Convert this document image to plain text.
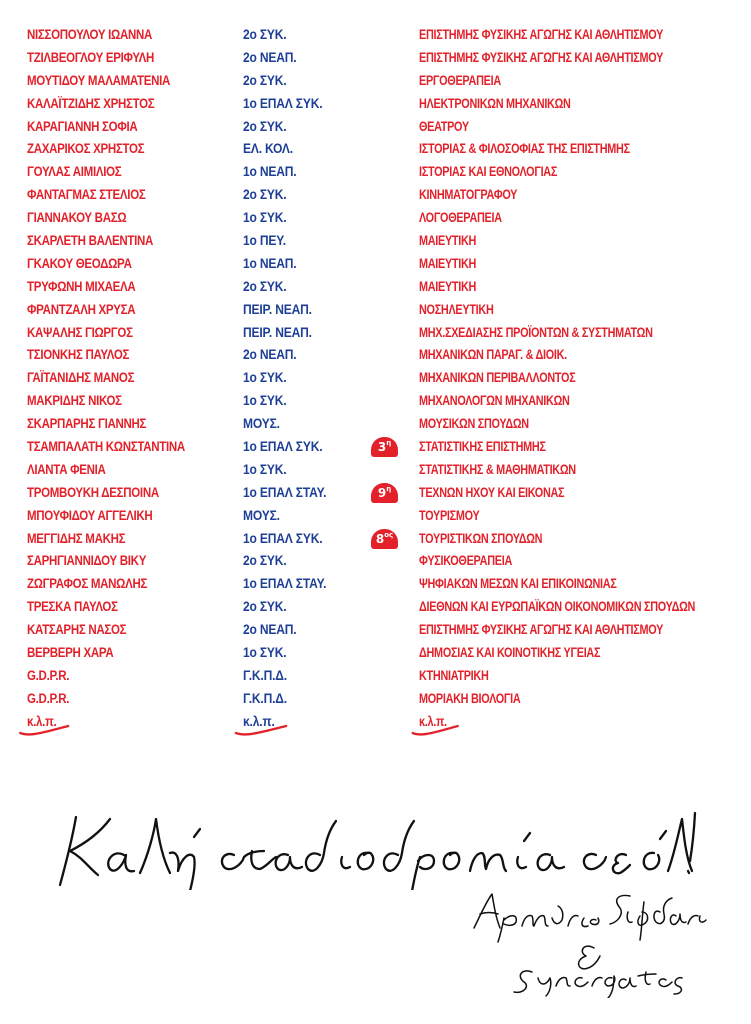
ΝΙΣΣΟΠΟΥΛΟΥ ΙΩΑΝΝΑ	2ο ΣΥΚ.	ΕΠΙΣΤΗΜΗΣ ΦΥΣΙΚΗΣ ΑΓΩΓΗΣ ΚΑΙ ΑΘΛΗΤΙΣΜΟΥ
ΤΖΙΛΒΕΟΓΛΟΥ ΕΡΙΦΥΛΗ	2ο ΝΕΑΠ.	ΕΠΙΣΤΗΜΗΣ ΦΥΣΙΚΗΣ ΑΓΩΓΗΣ ΚΑΙ ΑΘΛΗΤΙΣΜΟΥ
ΜΟΥΤΙΔΟΥ ΜΑΛΑΜΑΤΕΝΙΑ	2ο ΣΥΚ.	ΕΡΓΟΘΕΡΑΠΕΙΑ
ΚΑΛΑΪΤΖΙΔΗΣ ΧΡΗΣΤΟΣ	1ο ΕΠΑΛ ΣΥΚ.	ΗΛΕΚΤΡΟΝΙΚΩΝ ΜΗΧΑΝΙΚΩΝ
ΚΑΡΑΓΙΑΝΝΗ ΣΟΦΙΑ	2ο ΣΥΚ.	ΘΕΑΤΡΟΥ
ΖΑΧΑΡΙΚΟΣ ΧΡΗΣΤΟΣ	ΕΛ. ΚΟΛ.	ΙΣΤΟΡΙΑΣ & ΦΙΛΟΣΟΦΙΑΣ ΤΗΣ ΕΠΙΣΤΗΜΗΣ
ΓΟΥΛΑΣ ΑΙΜΙΛΙΟΣ	1ο ΝΕΑΠ.	ΙΣΤΟΡΙΑΣ ΚΑΙ ΕΘΝΟΛΟΓΙΑΣ
ΦΑΝΤΑΓΜΑΣ ΣΤΕΛΙΟΣ	2ο ΣΥΚ.	ΚΙΝΗΜΑΤΟΓΡΑΦΟΥ
ΓΙΑΝΝΑΚΟΥ ΒΑΣΩ	1ο ΣΥΚ.	ΛΟΓΟΘΕΡΑΠΕΙΑ
ΣΚΑΡΛΕΤΗ ΒΑΛΕΝΤΙΝΑ	1ο ΠΕΥ.	ΜΑΙΕΥΤΙΚΗ
ΓΚΑΚΟΥ ΘΕΟΔΩΡΑ	1ο ΝΕΑΠ.	ΜΑΙΕΥΤΙΚΗ
ΤΡΥΦΩΝΗ ΜΙΧΑΕΛΑ	2ο ΣΥΚ.	ΜΑΙΕΥΤΙΚΗ
ΦΡΑΝΤΖΑΛΗ ΧΡΥΣΑ	ΠΕΙΡ. ΝΕΑΠ.	ΝΟΣΗΛΕΥΤΙΚΗ
ΚΑΨΑΛΗΣ ΓΙΩΡΓΟΣ	ΠΕΙΡ. ΝΕΑΠ.	ΜΗΧ.ΣΧΕΔΙΑΣΗΣ ΠΡΟΪΟΝΤΩΝ & ΣΥΣΤΗΜΑΤΩΝ
ΤΣΙΟΝΚΗΣ ΠΑΥΛΟΣ	2ο ΝΕΑΠ.	ΜΗΧΑΝΙΚΩΝ ΠΑΡΑΓ. & ΔΙΟΙΚ.
ΓΑΪΤΑΝΙΔΗΣ ΜΑΝΟΣ	1ο ΣΥΚ.	ΜΗΧΑΝΙΚΩΝ ΠΕΡΙΒΑΛΛΟΝΤΟΣ
ΜΑΚΡΙΔΗΣ ΝΙΚΟΣ	1ο ΣΥΚ.	ΜΗΧΑΝΟΛΟΓΩΝ ΜΗΧΑΝΙΚΩΝ
ΣΚΑΡΠΑΡΗΣ ΓΙΑΝΝΗΣ	ΜΟΥΣ.	ΜΟΥΣΙΚΩΝ ΣΠΟΥΔΩΝ
ΤΣΑΜΠΑΛΑΤΗ ΚΩΝΣΤΑΝΤΙΝΑ	1ο ΕΠΑΛ ΣΥΚ.	ΣΤΑΤΙΣΤΙΚΗΣ ΕΠΙΣΤΗΜΗΣ
$3^\eta$
ΛΙΑΝΤΑ ΦΕΝΙΑ	1ο ΣΥΚ.	ΣΤΑΤΙΣΤΙΚΗΣ & ΜΑΘΗΜΑΤΙΚΩΝ
ΤΡΟΜΒΟΥΚΗ ΔΕΣΠΟΙΝΑ	1ο ΕΠΑΛ ΣΤΑΥ.	ΤΕΧΝΩΝ ΗΧΟΥ ΚΑΙ ΕΙΚΟΝΑΣ
$9^\eta$
ΜΠΟΥΦΙΔΟΥ ΑΓΓΕΛΙΚΗ	ΜΟΥΣ.	ΤΟΥΡΙΣΜΟΥ
ΜΕΓΓΙΔΗΣ ΜΑΚΗΣ	1ο ΕΠΑΛ ΣΥΚ.	ΤΟΥΡΙΣΤΙΚΩΝ ΣΠΟΥΔΩΝ
$8^{o\varsigma}$
ΣΑΡΗΓΙΑΝΝΙΔΟΥ ΒΙΚΥ	2ο ΣΥΚ.	ΦΥΣΙΚΟΘΕΡΑΠΕΙΑ
ΖΩΓΡΑΦΟΣ ΜΑΝΩΛΗΣ	1ο ΕΠΑΛ ΣΤΑΥ.	ΨΗΦΙΑΚΩΝ ΜΕΣΩΝ ΚΑΙ ΕΠΙΚΟΙΝΩΝΙΑΣ
ΤΡΕΣΚΑ ΠΑΥΛΟΣ	2ο ΣΥΚ.	ΔΙΕΘΝΩΝ ΚΑΙ ΕΥΡΩΠΑΪΚΩΝ ΟΙΚΟΝΟΜΙΚΩΝ ΣΠΟΥΔΩΝ
ΚΑΤΣΑΡΗΣ ΝΑΣΟΣ	2ο ΝΕΑΠ.	ΕΠΙΣΤΗΜΗΣ ΦΥΣΙΚΗΣ ΑΓΩΓΗΣ ΚΑΙ ΑΘΛΗΤΙΣΜΟΥ
ΒΕΡΒΕΡΗ ΧΑΡΑ	1ο ΣΥΚ.	ΔΗΜΟΣΙΑΣ ΚΑΙ ΚΟΙΝΟΤΙΚΗΣ ΥΓΕΙΑΣ
G.D.P.R.	Γ.Κ.Π.Δ.	ΚΤΗΝΙΑΤΡΙΚΗ
G.D.P.R.	Γ.Κ.Π.Δ.	ΜΟΡΙΑΚΗ ΒΙΟΛΟΓΙΑ
κ.λ.π.	κ.λ.π.	κ.λ.π.
